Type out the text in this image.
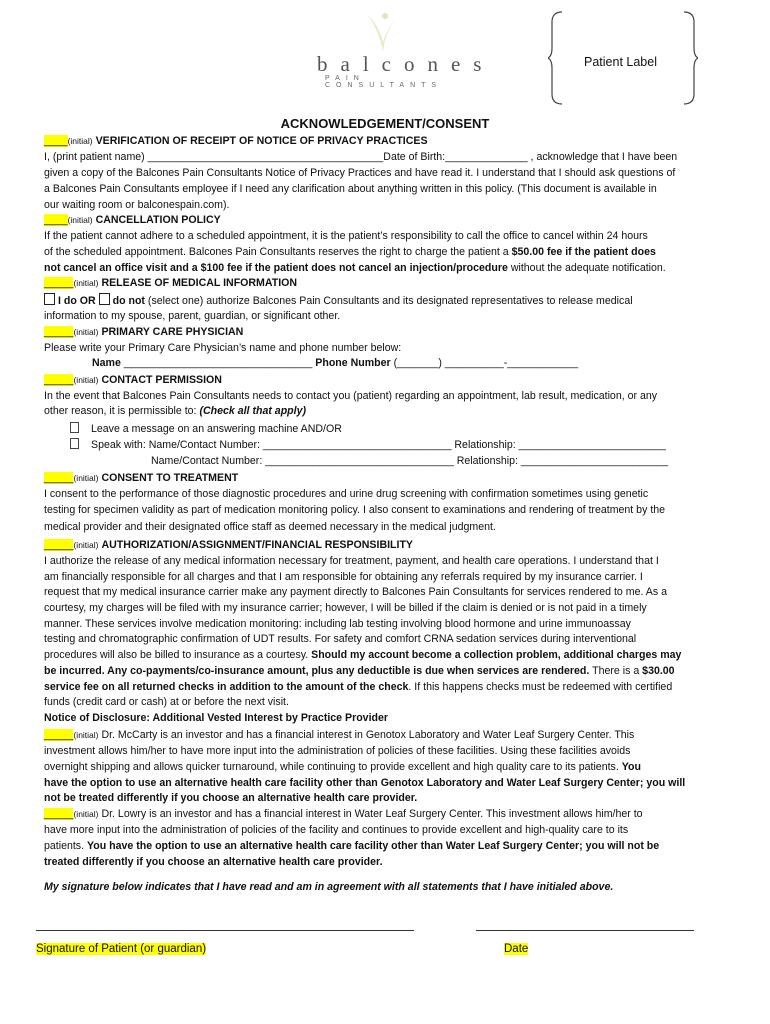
balcones
PAIN CONSULTANTS
Patient Label
ACKNOWLEDGEMENT/CONSENT
____(initial) VERIFICATION OF RECEIPT OF NOTICE OF PRIVACY PRACTICES
I, (print patient name) ________________________________________Date of Birth:______________ , acknowledge that I have been
given a copy of the Balcones Pain Consultants Notice of Privacy Practices and have read it. I understand that I should ask questions of
a Balcones Pain Consultants employee if I need any clarification about anything written in this policy. (This document is available in
our waiting room or balconespain.com).
____(initial) CANCELLATION POLICY
If the patient cannot adhere to a scheduled appointment, it is the patient’s responsibility to call the office to cancel within 24 hours
of the scheduled appointment. Balcones Pain Consultants reserves the right to charge the patient a $50.00 fee if the patient does
not cancel an office visit and a $100 fee if the patient does not cancel an injection/procedure without the adequate notification.
_____(initial) RELEASE OF MEDICAL INFORMATION
I do OR do not (select one) authorize Balcones Pain Consultants and its designated representatives to release medical
information to my spouse, parent, guardian, or significant other.
_____(initial) PRIMARY CARE PHYSICIAN
Please write your Primary Care Physician’s name and phone number below:
Name ________________________________ Phone Number (_______) __________-____________
_____(initial) CONTACT PERMISSION
In the event that Balcones Pain Consultants needs to contact you (patient) regarding an appointment, lab result, medication, or any
other reason, it is permissible to: (Check all that apply)
Leave a message on an answering machine AND/OR
Speak with: Name/Contact Number: ________________________________ Relationship: _________________________
Name/Contact Number: ________________________________ Relationship: _________________________
_____(initial) CONSENT TO TREATMENT
I consent to the performance of those diagnostic procedures and urine drug screening with confirmation sometimes using genetic
testing for specimen validity as part of medication monitoring policy. I also consent to examinations and rendering of treatment by the
medical provider and their designated office staff as deemed necessary in the medical judgment.
_____(initial) AUTHORIZATION/ASSIGNMENT/FINANCIAL RESPONSIBILITY
I authorize the release of any medical information necessary for treatment, payment, and health care operations. I understand that I
am financially responsible for all charges and that I am responsible for obtaining any referrals required by my insurance carrier. I
request that my medical insurance carrier make any payment directly to Balcones Pain Consultants for services rendered to me. As a
courtesy, my charges will be filed with my insurance carrier; however, I will be billed if the claim is denied or is not paid in a timely
manner. These services involve medication monitoring: including lab testing involving blood hormone and urine immunoassay
testing and chromatographic confirmation of UDT results. For safety and comfort CRNA sedation services during interventional
procedures will also be billed to insurance as a courtesy. Should my account become a collection problem, additional charges may
be incurred. Any co-payments/co-insurance amount, plus any deductible is due when services are rendered. There is a $30.00
service fee on all returned checks in addition to the amount of the check. If this happens checks must be redeemed with certified
funds (credit card or cash) at or before the next visit.
Notice of Disclosure: Additional Vested Interest by Practice Provider
_____(initial) Dr. McCarty is an investor and has a financial interest in Genotox Laboratory and Water Leaf Surgery Center. This
investment allows him/her to have more input into the administration of policies of these facilities. Using these facilities avoids
overnight shipping and allows quicker turnaround, while continuing to provide excellent and high quality care to its patients. You
have the option to use an alternative health care facility other than Genotox Laboratory and Water Leaf Surgery Center; you will
not be treated differently if you choose an alternative health care provider.
_____(initial) Dr. Lowry is an investor and has a financial interest in Water Leaf Surgery Center. This investment allows him/her to
have more input into the administration of policies of the facility and continues to provide excellent and high-quality care to its
patients. You have the option to use an alternative health care facility other than Water Leaf Surgery Center; you will not be
treated differently if you choose an alternative health care provider.
My signature below indicates that I have read and am in agreement with all statements that I have initialed above.
Signature of Patient (or guardian)	Date
